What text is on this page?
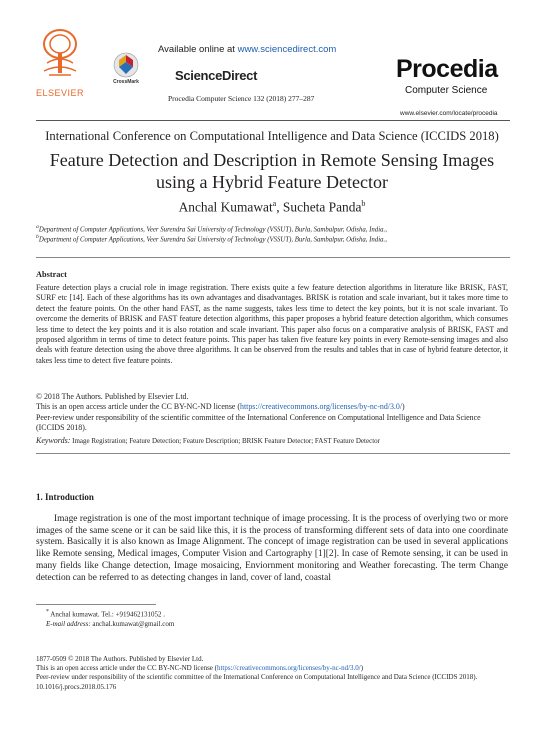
ELSEVIER
CrossMark
Available online at www.sciencedirect.com
ScienceDirect
Procedia Computer Science 132 (2018) 277–287
Procedia
Computer Science
www.elsevier.com/locate/procedia
International Conference on Computational Intelligence and Data Science (ICCIDS 2018)
Feature Detection and Description in Remote Sensing Images using a Hybrid Feature Detector
Anchal Kumawat$^a$, Sucheta Panda$^b$
$^a$Department of Computer Applications, Veer Surendra Sai University of Technology (VSSUT), Burla, Sambalpur, Odisha, India.,
$^b$Department of Computer Applications, Veer Surendra Sai University of Technology (VSSUT), Burla, Sambalpur, Odisha, India.,
Abstract
Feature detection plays a crucial role in image registration. There exists quite a few feature detection algorithms in literature like BRISK, FAST, SURF etc [14]. Each of these algorithms has its own advantages and disadvantages. BRISK is rotation and scale invariant, but it takes more time to detect the feature points. On the other hand FAST, as the name suggests, takes less time to detect the key points, but it is not scale invariant. To overcome the demerits of BRISK and FAST feature detection algorithms, this paper proposes a hybrid feature detection algorithm, which consumes less time to detect the key points and it is also rotation and scale invariant. This paper also focus on a comparative analysis of BRISK, FAST and proposed algorithm in terms of time to detect feature points. This paper has taken five feature key points in every Remote-sensing images and also deals with feature detection using the above three algorithms. It can be observed from the results and tables that in case of hybrid feature detector, it takes less time to detect five feature points.
© 2018 The Authors. Published by Elsevier Ltd.
This is an open access article under the CC BY-NC-ND license (https://creativecommons.org/licenses/by-nc-nd/3.0/)
Peer-review under responsibility of the scientific committee of the International Conference on Computational Intelligence and Data Science (ICCIDS 2018).
Keywords: Image Registration; Feature Detection; Feature Description; BRISK Feature Detector; FAST Feature Detector
1. Introduction
Image registration is one of the most important technique of image processing. It is the process of overlying two or more images of the same scene or it can be said like this, it is the process of transforming different sets of data into one coordinate system. Basically it is also known as Image Alignment. The concept of image registration can be used in several applications like Remote sensing, Medical images, Computer Vision and Cartography [1][2]. In case of Remote sensing, it can be used in many fields like Change detection, Image mosaicing, Enviornment monitoring and Weather forecasting. The term Change detection can be referred to as detecting changes in land, cover of land, coastal
* Anchal kumawat. Tel.: +919462131052 .
E-mail address: anchal.kumawat@gmail.com
1877-0509 © 2018 The Authors. Published by Elsevier Ltd.
This is an open access article under the CC BY-NC-ND license (https://creativecommons.org/licenses/by-nc-nd/3.0/)
Peer-review under responsibility of the scientific committee of the International Conference on Computational Intelligence and Data Science (ICCIDS 2018).
10.1016/j.procs.2018.05.176
